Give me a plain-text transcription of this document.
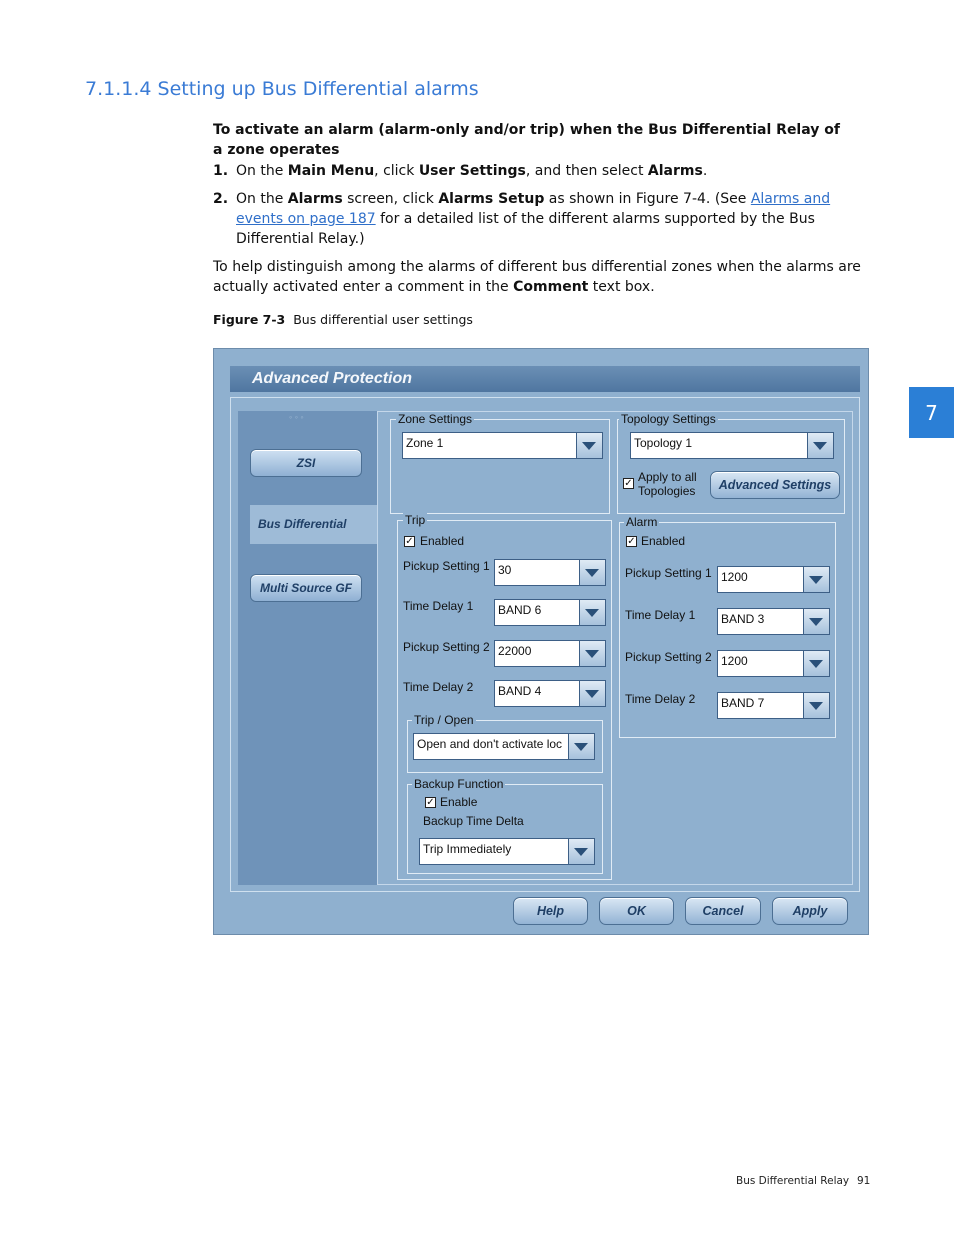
7.1.1.4 Setting up Bus Differential alarms
To activate an alarm (alarm-only and/or trip) when the Bus Differential Relay of a zone operates
1. On the Main Menu, click User Settings, and then select Alarms.
2. On the Alarms screen, click Alarms Setup as shown in Figure 7-4. (See Alarms and events on page 187 for a detailed list of the different alarms supported by the Bus Differential Relay.)
To help distinguish among the alarms of different bus differential zones when the alarms are actually activated enter a comment in the Comment text box.
Figure 7-3 Bus differential user settings
7
Bus Differential Relay 91
Advanced Protection
◦ ◦ ◦
ZSI
Bus Differential
Multi Source GF
Zone Settings
Zone 1
Topology Settings
Topology 1
✓ Apply to all
Topologies	Advanced Settings
Trip
✓ Enabled
Pickup Setting 1 30
Time Delay 1	BAND 6
Pickup Setting 2 22000
Time Delay 2	BAND 4
Trip / Open
Open and don't activate loc
Backup Function
✓ Enable
Backup Time Delta
Trip Immediately
Alarm
✓ Enabled
Pickup Setting 1 1200
Time Delay 1	BAND 3
Pickup Setting 2 1200
Time Delay 2	BAND 7
Help	OK	Cancel	Apply
